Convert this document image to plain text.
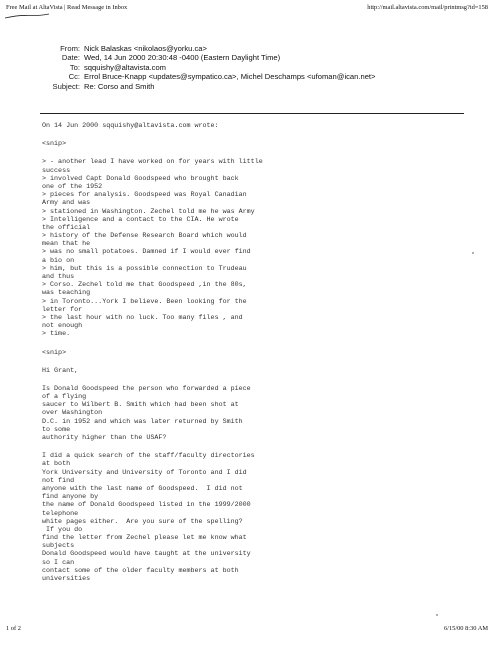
Free Mail at AltaVista | Read Message in Inbox	http://mail.altavista.com/mail/printmsg?id=158
From: Nick Balaskas <nikolaos@yorku.ca>
Date: Wed, 14 Jun 2000 20:30:48 -0400 (Eastern Daylight Time)
To: sqquishy@altavista.com
Cc: Errol Bruce-Knapp <updates@sympatico.ca>, Michel Deschamps <ufoman@ican.net>
Subject: Re: Corso and Smith
On 14 Jun 2000 sqquishy@altavista.com wrote:
<snip>
> - another lead I have worked on for years with little
success
> involved Capt Donald Goodspeed who brought back
one of the 1952
> pieces for analysis. Goodspeed was Royal Canadian
Army and was
> stationed in Washington. Zechel told me he was Army
> Intelligence and a contact to the CIA. He wrote
the official
> history of the Defense Research Board which would
mean that he
> was no small potatoes. Damned if I would ever find
a bio on
> him, but this is a possible connection to Trudeau
and thus
> Corso. Zechel told me that Goodspeed ,in the 80s,
was teaching
> in Toronto...York I believe. Been looking for the
letter for
> the last hour with no luck. Too many files , and
not enough
> time.
<snip>
Hi Grant,
Is Donald Goodspeed the person who forwarded a piece
of a flying
saucer to Wilbert B. Smith which had been shot at
over Washington
D.C. in 1952 and which was later returned by Smith
to some
authority higher than the USAF?
I did a quick search of the staff/faculty directories
at both
York University and University of Toronto and I did
not find
anyone with the last name of Goodspeed.  I did not
find anyone by
the name of Donald Goodspeed listed in the 1999/2000
telephone
white pages either.  Are you sure of the spelling?
If you do
find the letter from Zechel please let me know what
subjects
Donald Goodspeed would have taught at the university
so I can
contact some of the older faculty members at both
universities
1 of 2	6/15/00 8:30 AM
